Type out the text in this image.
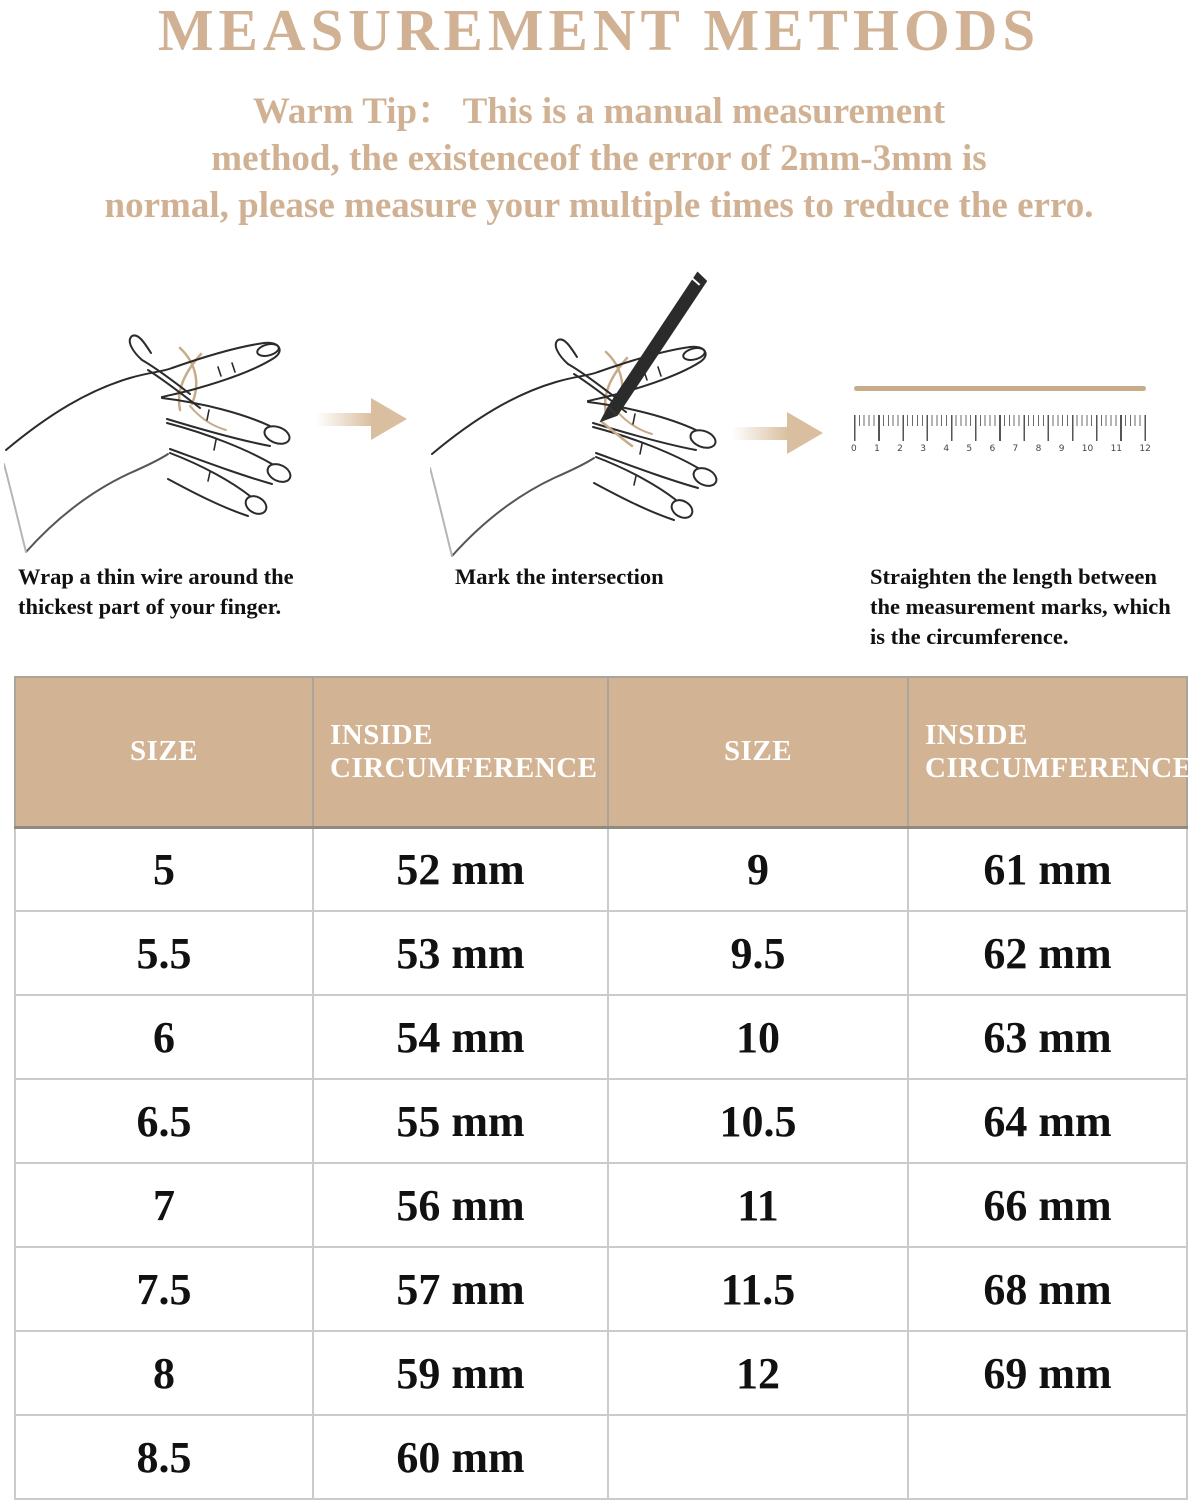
MEASUREMENT METHODS
Warm Tip： This is a manual measurement
method, the existenceof the error of 2mm-3mm is
normal, please measure your multiple times to reduce the erro.
0 1 2 3 4 5 6 7 8 9 10 11 12
Wrap a thin wire around the thickest part of your finger.
Mark the intersection	Straighten the length between the measurement marks, which is the circumference.
SIZE	INSIDE CIRCUMFERENCE	SIZE	INSIDE CIRCUMFERENCE
5	52 mm	9	61 mm
5.5	53 mm	9.5	62 mm
6	54 mm	10	63 mm
6.5	55 mm	10.5	64 mm
7	56 mm	11	66 mm
7.5	57 mm	11.5	68 mm
8	59 mm	12	69 mm
8.5	60 mm		
